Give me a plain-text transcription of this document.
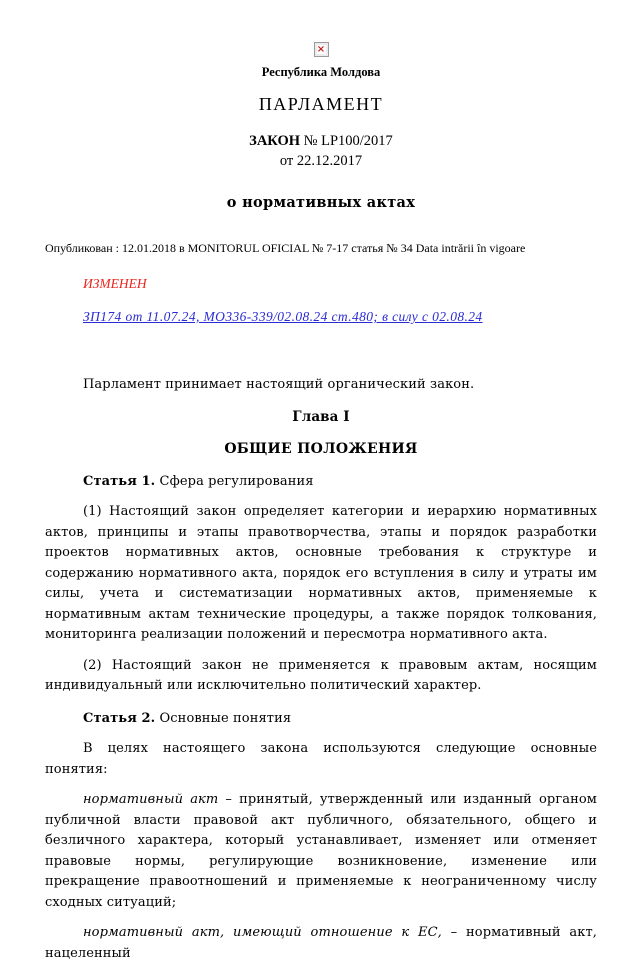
×
Республика Молдова
ПАРЛАМЕНТ
ЗАКОН № LP100/2017
от 22.12.2017
о нормативных актах
Опубликован : 12.01.2018 в MONITORUL OFICIAL № 7-17 статья № 34 Data intrării în vigoare
ИЗМЕНЕН
ЗП174 от 11.07.24, МО336-339/02.08.24 ст.480; в силу с 02.08.24

Парламент принимает настоящий органический закон.

Глава I

ОБЩИЕ ПОЛОЖЕНИЯ

Статья 1. Сфера регулирования

(1) Настоящий закон определяет категории и иерархию нормативных актов, принципы и этапы правотворчества, этапы и порядок разработки проектов нормативных актов, основные требования к структуре и содержанию нормативного акта, порядок его вступления в силу и утраты им силы, учета и систематизации нормативных актов, применяемые к нормативным актам технические процедуры, а также порядок толкования, мониторинга реализации положений и пересмотра нормативного акта.

(2) Настоящий закон не применяется к правовым актам, носящим индивидуальный или исключительно политический характер.

Статья 2. Основные понятия

В целях настоящего закона используются следующие основные понятия:

нормативный акт – принятый, утвержденный или изданный органом публичной власти правовой акт публичного, обязательного, общего и безличного характера, который устанавливает, изменяет или отменяет правовые нормы, регулирующие возникновение, изменение или прекращение правоотношений и применяемые к неограниченному числу сходных ситуаций;

нормативный акт, имеющий отношение к ЕС, – нормативный акт, нацеленный
